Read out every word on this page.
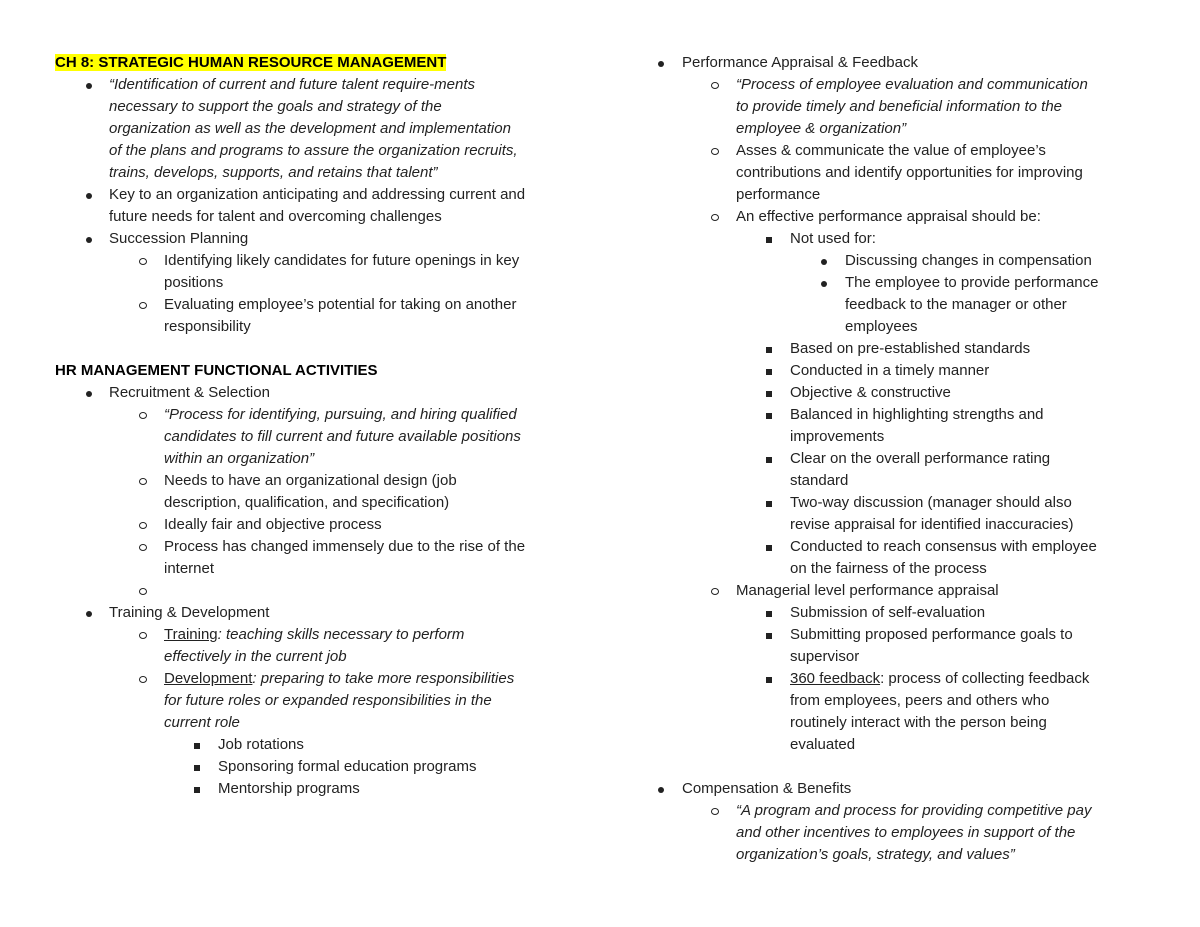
CH 8: STRATEGIC HUMAN RESOURCE MANAGEMENT
“Identification of current and future talent require-ments
necessary to support the goals and strategy of the
organization as well as the development and implementation
of the plans and programs to assure the organization recruits,
trains, develops, supports, and retains that talent”
Key to an organization anticipating and addressing current and
future needs for talent and overcoming challenges
Succession Planning
Identifying likely candidates for future openings in key
positions
Evaluating employee’s potential for taking on another
responsibility
HR MANAGEMENT FUNCTIONAL ACTIVITIES
Recruitment & Selection
“Process for identifying, pursuing, and hiring qualified
candidates to fill current and future available positions
within an organization”
Needs to have an organizational design (job
description, qualification, and specification)
Ideally fair and objective process
Process has changed immensely due to the rise of the
internet
Training & Development
Training: teaching skills necessary to perform
effectively in the current job
Development: preparing to take more responsibilities
for future roles or expanded responsibilities in the
current role
Job rotations
Sponsoring formal education programs
Mentorship programs
Performance Appraisal & Feedback
“Process of employee evaluation and communication
to provide timely and beneficial information to the
employee & organization”
Asses & communicate the value of employee’s
contributions and identify opportunities for improving
performance
An effective performance appraisal should be:
Not used for:
Discussing changes in compensation
The employee to provide performance
feedback to the manager or other
employees
Based on pre-established standards
Conducted in a timely manner
Objective & constructive
Balanced in highlighting strengths and
improvements
Clear on the overall performance rating
standard
Two-way discussion (manager should also
revise appraisal for identified inaccuracies)
Conducted to reach consensus with employee
on the fairness of the process
Managerial level performance appraisal
Submission of self-evaluation
Submitting proposed performance goals to
supervisor
360 feedback: process of collecting feedback
from employees, peers and others who
routinely interact with the person being
evaluated
Compensation & Benefits
“A program and process for providing competitive pay
and other incentives to employees in support of the
organization’s goals, strategy, and values”
